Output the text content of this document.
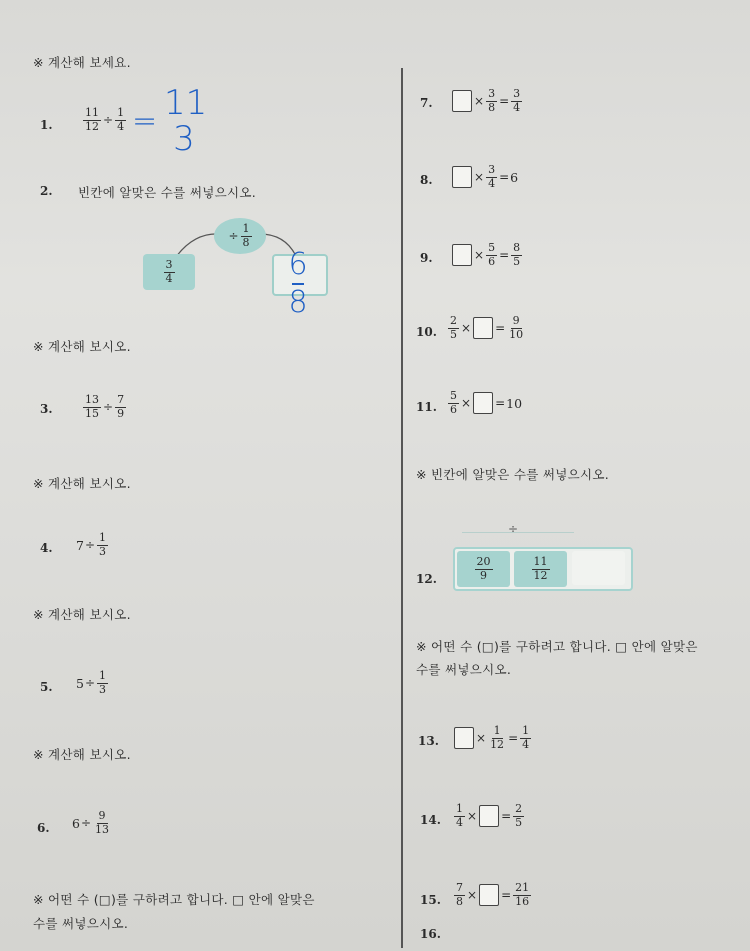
※ 계산해 보세요.
1.	$\frac{11}{12} \div \frac{1}{4} = 11$
3
2. 빈칸에 알맞은 수를 써넣으시오.
÷ $\frac{1}{8}$
$\frac{3}{4}$	6
8
※ 계산해 보시오.
3.	$\frac{13}{15} \div \frac{7}{9}$
※ 계산해 보시오.
4. $7 \div \frac{1}{3}$
※ 계산해 보시오.
5. $5 \div \frac{1}{3}$
※ 계산해 보시오.
6. $6 \div \frac{9}{13}$
※ 어떤 수 (□)를 구하려고 합니다. □ 안에 알맞은
수를 써넣으시오.
7.	× $\frac{3}{8} = \frac{3}{4}$
8.	× $\frac{3}{4} = 6$
9.	× $\frac{5}{6} = \frac{8}{5}$
10. $\frac{2}{5}$ × = $\frac{9}{10}$
11. $\frac{5}{6}$ × = 10
※ 빈칸에 알맞은 수를 써넣으시오.
÷
12.	$\frac{20}{9}$	$\frac{11}{12}$
※ 어떤 수 (□)를 구하려고 합니다. □ 안에 알맞은
수를 써넣으시오.
13.	× $\frac{1}{12} = \frac{1}{4}$
14. $\frac{1}{4}$ × = $\frac{2}{5}$
15. $\frac{7}{8}$ × = $\frac{21}{16}$
16.
